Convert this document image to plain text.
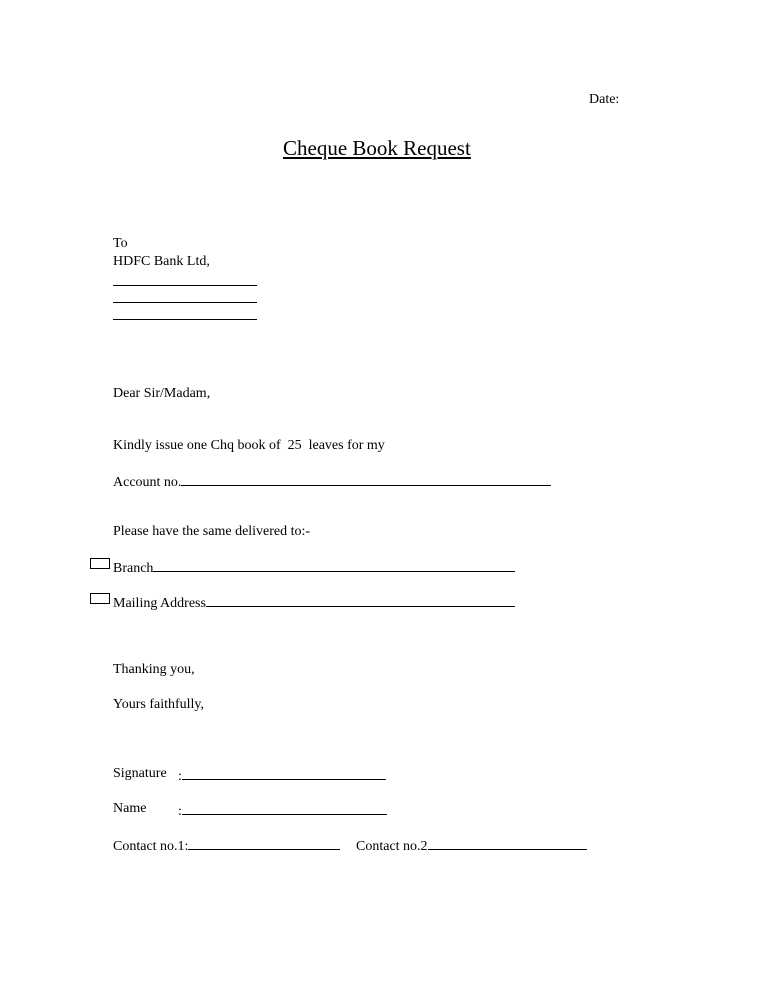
Date:
Cheque Book Request
To
HDFC Bank Ltd,
Dear Sir/Madam,
Kindly issue one Chq book of  25  leaves for my
Account no.
Please have the same delivered to:-
Branch
Mailing Address
Thanking you,
Yours faithfully,
Signature :
Name :
Contact no.1:	Contact no.2
